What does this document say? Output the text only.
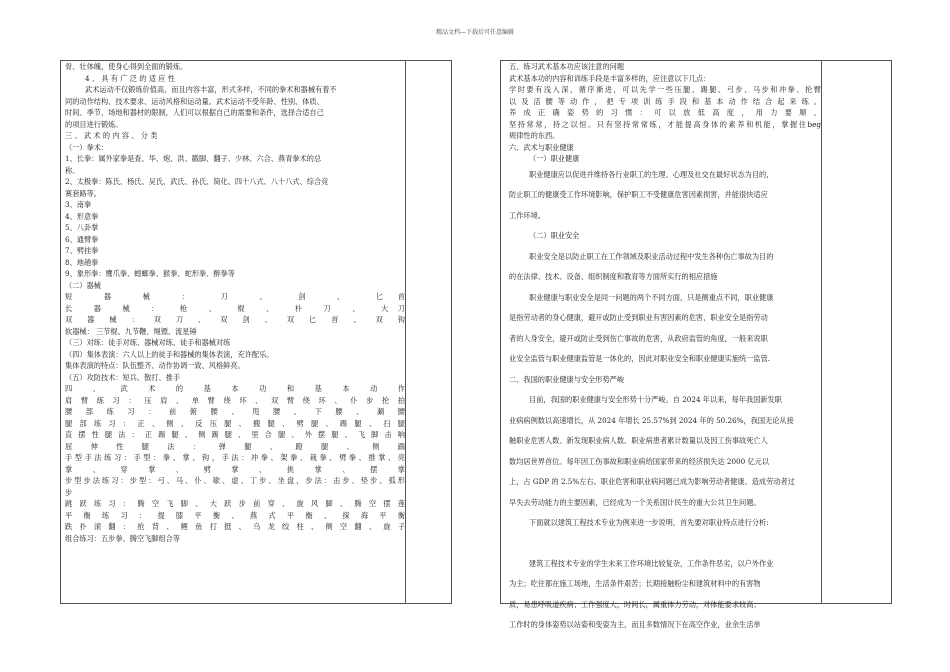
精品文档---下载后可任意编辑
骨、壮体魄，使身心得到全面的锻炼。
4 、 具 有 广 泛 的 适 应 性
武术运动不仅锻炼价值高，而且内容丰富，形式多样，不同的拳术和器械有着不
同的动作结构、技术要求、运动风格和运动量。武术运动不受年龄、性别、体质、
时间、季节、场地和器材的限制，人们可以根据自己的需要和条件，选择合适自己
的项目进行锻炼。
三 、 武 术 的 内 容 、 分 类
（一）拳术：
1、长拳：属外家拳是查、华、炮、洪、戳脚、翻子、少林、六合、燕青拳术的总
称。
2、太极拳：陈氏、杨氏、吴氏、武氏、孙氏、简化、四十八式、八十八式、综合竞
赛套路等。
3、南拳
4、形意拳
5、八卦掌
6、通臂拳
7、劈挂拳
8、地趟拳
9、象形拳：鹰爪拳、螳螂拳、猴拳、蛇形拳、醉拳等
（二）器械
短 器 械 ： 刀 、 剑 、 匕首
长 器 械 ： 枪 、 棍 、 朴 刀 、 大刀
双器械：双刀、双剑、双匕首、双钩
软器械： 三节棍、九节鞭、绳镖、流星锤
（三）对练：徒手对练、器械对练、徒手和器械对练
（四）集体表演：六人以上的徒手和器械的集体表演，充许配乐。
集体表演的特点：队伍整齐、动作协调一致、风格鲜亮。
（五）攻防技术：短兵、散打、推手
四 、 武 术 的 基 本 功 和 基 本 动 作
肩臂练习：压肩、单臂绕环、双臂绕环、仆步抡拍
腰部练习：前俯腰、甩腰、下腰、涮腰
腿部练习：正、侧、反压腿、搬腿、劈腿、踢腿、扫腿
直摆性腿法：正踢腿、侧踢腿、里合腿、外摆腿、飞脚击响
屈伸性腿法：弹腿、蹬腿、侧踹
手型手法练习：手型：拳、掌、钩，手法：冲拳、架拳、栽拳、劈拳、推掌、亮
掌、穿掌、劈掌、挑掌、摆掌
步型步法练习：步型：弓、马、仆、歇、虚、丁步、坐盘，步法：击步、垫步、弧形
步
跳跃练习：腾空飞脚、大跃步前穿、旋风脚、腾空摆莲
平衡练习：提膝平衡、燕式平衡、探海平衡
跌扑滚翻：抢背、鲤鱼打挺、乌龙绞柱、侧空翻、旋子
组合练习：五步拳、腾空飞脚组合等
五、练习武术基本功应该注意的问题
武术基本功的内容和训练手段是丰富多样的，应注意以下几点：
学时要有浅入深，循序渐进，可以先学一些压腿、踢腿、弓步、马步和冲拳、抡臂
以及活腰等动作，把专项训练手段和基本动作结合起来练。
养成正确姿势的习惯：可以放低高度，用力要顺，
坚持常常，持之以恒。只有坚持常常练，才能提高身体的素养和机能，掌握住beg
规律性的东西。
六、武术与职业健康
（一）职业健康
职业健康应以促进并维持各行业职工的生理、心理及社交在最好状态为目的，
防止职工的健康受工作环境影响，保护职工不受健康危害因素损害，并能很快适应
工作环境。
（二）职业安全
职业安全是以防止职工在工作领域及职业活动过程中发生各种伤亡事故为目的
的在法律、技术、设备、组织制度和教育等方面所实行的相应措施
职业健康与职业安全是同一问题的两个不同方面，只是侧重点不同，职业健康
是指劳动者的身心健康，避开或防止受到职业有害因素的危害，职业安全是指劳动
者的人身安全，避开或防止受到伤亡事故的危害，从政府监管的角度，一般来说职
业安全监管与职业健康监管是一体化的，因此对职业安全和职业健康实施统一监管.
二、我国的职业健康与安全形势严峻
目前，我国的职业健康与安全形势十分严峻。自 2024 年以来，每年我国新发职
业病病例数以高速增长，从 2024 年增长 25.57%到 2024 年的 50.26%，我国无论从接
触职业危害人数、新发现职业病人数、职业病患者累计数量以及因工伤事故死亡人
数均居世界首位。每年因工伤事故和职业病给国家带来的经济损失达 2000 亿元以
上，占 GDP 的 2.5%左右。职业危害和职业病问题已成为影响劳动者健康、造成劳动者过
早失去劳动能力的主要因素，已经成为一个关系国计民生的重大公共卫生问题。
下面就以建筑工程技术专业为例来进一步说明，首先要对职业特点进行分析:
建筑工程技术专业的学生未来工作环境比较复杂，工作条件恶劣，以户外作业
为主；吃住都在施工场地，生活条件艰苦；长期接触粉尘和建筑材料中的有害物
质，易患呼吸道疾病；工作强度大，时间长，属重体力劳动，对体能要求较高；
工作时的身体姿势以站姿和变姿为主，而且多数情况下在高空作业，业余生活单
